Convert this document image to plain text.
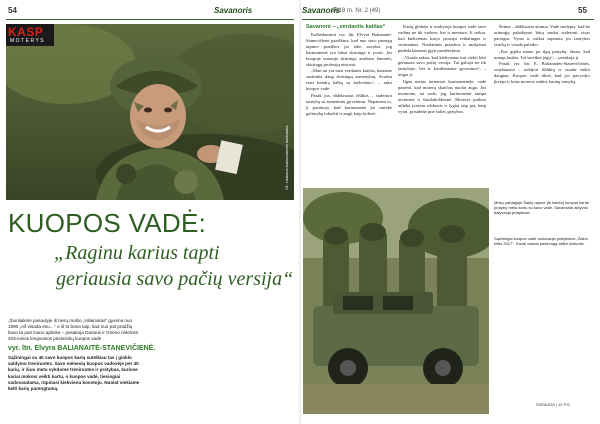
54	Savanoris
KASP
MOTERYS
Vll. Lietuvos kariuomenės nuotrauka
KUOPOS VADĖ:
„Raginu karius tapti
geriausia savo pačių versija“
„Šiuolaikinė pasaulyje iš tiesų mušio „Hiliariukas“ gyvena nuo 1990 „Aš visada esu…“ o iš to būna taip, kad nuo pat pradžių buvo ta pati mano aplinka – pasakoja Dariaus ir Girėno rinktinės 203-iosios lengvosios pėstininkų kuopos vadė
vyr. ltn. Elvyra BALIANAITĖ-STANEVIČIENĖ.
Sąžiningai su 40 savo kuopos karių sutelkiau tas į ginklo valdymo treniruotes. Savo mėnesių kuopos vadovėje per 40 karių, ir šiuo metu vykdome treniruotes ir pratybas, kuriose kariai mokosi veikti kartu, o kuopos vadė, tiesiogiai vadovaudama, rūpinasi kiekvienu kovotoju. Nuolat siekiame kelti karių parengtumą.
Savanoris
2018 m. Nr. 2 (49)	55
Savanorė – „verdantis katilas“

Kalbėdamiesi vyr. ltn. Elvyra Balianaitė-Stanevičienė paaiškina, kad nuo savo pareigų tapimo pradžios jai teko suvokti, jog kariuomenė yra labai skirtinga ir įvairi. Jos kuopoje tarnauja skirtingo amžiaus žmonės, skirtingų profesijų atstovai.

„Man tai yra tarsi verdantis katilas, kuriame susitinka daug skirtingų asmenybių. Svarbu rasti bendrą kalbą su kiekvienu“, – sako kuopos vadė.

Pasak jos, didžiausias iššūkis – suderinti tarnybą su asmeniniu gyvenimu. Nepaisant to, ji pasakoja, kad kariuomenė jai suteikė galimybę tobulėti ir augti kaip lyderei.

Karių globėja ir mokytoja kuopos vadė save vadina ne tik vadove, bet ir mentore. Ji siekia, kad kiekvienas karys jaustųsi reikalingas ir vertinamas. Nuolatinės pratybos ir mokymai padeda kariams įgyti pasitikėjimo.

„Visada sakau, kad kiekvienas turi siekti būti geriausia savo pačių versija. Tai galioja ne tik tarnyboje, bet ir kasdieniame gyvenime“, – teigia ji.

Ilgus metus tarnavusi kariuomenėje, vadė pastebi, kad moterų skaičius nuolat auga. Jos nuomone, tai rodo, jog kariuomenė tampa atviresnė ir šiuolaikiškesnė. Moterys puikiai atlieka įvairias užduotis ir lygiai taip pat, kaip vyrai, prisideda prie šalies gynybos.

Šeima – didžiausia atrama. Vadė neslepia, kad be artimųjų palaikymo būtų sunku suderinti visas pareigas. Vyras ir vaikai supranta jos tarnybos svarbą ir visada palaiko.

„Kai grįžtu namo po ilgų pratybų, žinau, kad manęs laukia. Tai suteikia jėgų“, – pasakoja ji.

Pasak vyr. ltn. E. Balianaitės-Stanevičienės, svarbiausia – nebijoti iššūkių ir visada siekti daugiau. Kuopos vadė tikisi, kad jos pavyzdys įkvėps ir kitas moteris rinktis karinę tarnybą.

Mūsų pabaigoje Šakių rajone (iš kairės) kuopos kariai pratybų metu kartu su savo vade. Savanoriai aktyviai dalyvauja pratybose.
Sąžiningai kuopos vadė vadovauja pratyboms „Žaibo kirtis 2017“. Kariai visada pasirengę atlikti užduotis.
SVEIKATA | 10 P.S.
